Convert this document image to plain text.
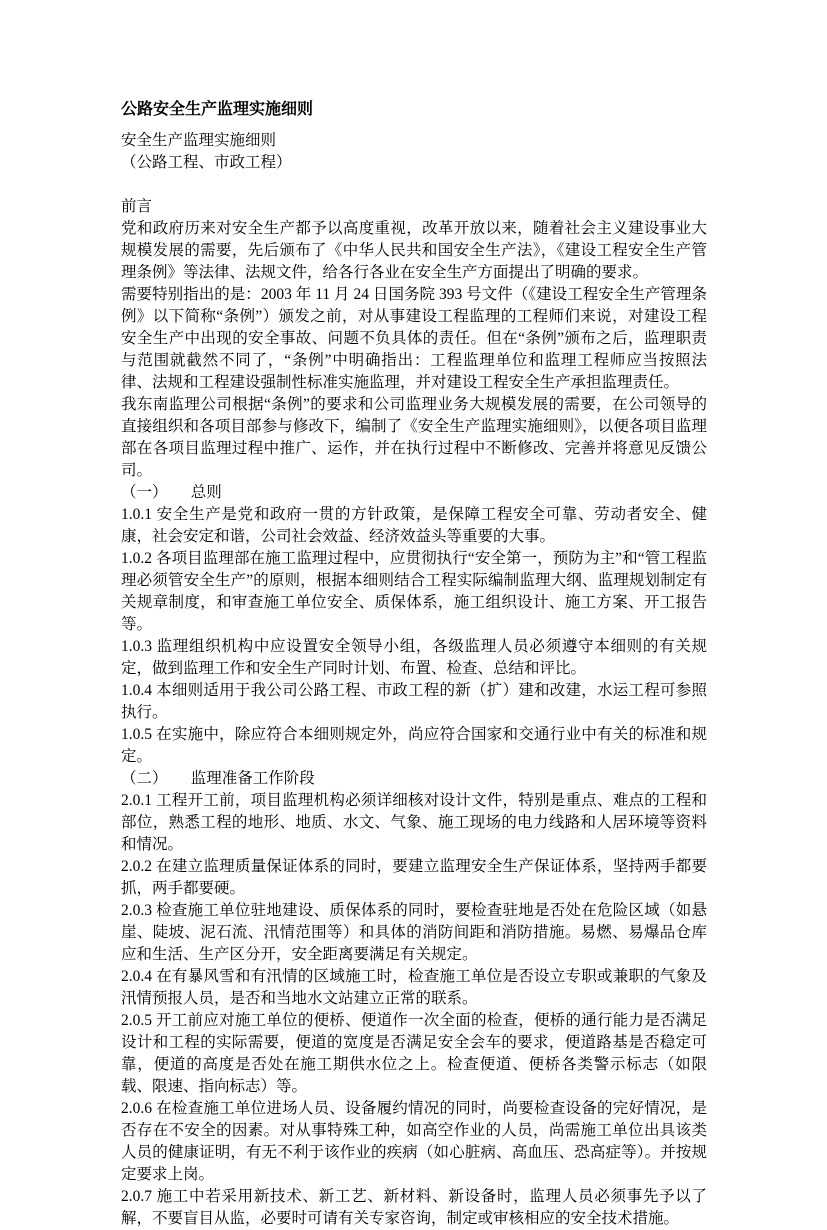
公路安全生产监理实施细则

安全生产监理实施细则

（公路工程、市政工程）

前言

党和政府历来对安全生产都予以高度重视，改革开放以来，随着社会主义建设事业大规模发展的需要，先后颁布了《中华人民共和国安全生产法》，《建设工程安全生产管理条例》等法律、法规文件，给各行各业在安全生产方面提出了明确的要求。

需要特别指出的是：2003 年 11 月 24 日国务院 393 号文件（《建设工程安全生产管理条例》以下简称“条例”）颁发之前，对从事建设工程监理的工程师们来说，对建设工程安全生产中出现的安全事故、问题不负具体的责任。但在“条例”颁布之后，监理职责与范围就截然不同了，“条例”中明确指出：工程监理单位和监理工程师应当按照法律、法规和工程建设强制性标准实施监理，并对建设工程安全生产承担监理责任。

我东南监理公司根据“条例”的要求和公司监理业务大规模发展的需要，在公司领导的直接组织和各项目部参与修改下，编制了《安全生产监理实施细则》，以便各项目监理部在各项目监理过程中推广、运作，并在执行过程中不断修改、完善并将意见反馈公司。

（一）　　总则

1.0.1 安全生产是党和政府一贯的方针政策，是保障工程安全可靠、劳动者安全、健康，社会安定和谐，公司社会效益、经济效益头等重要的大事。

1.0.2 各项目监理部在施工监理过程中，应贯彻执行“安全第一，预防为主”和“管工程监理必须管安全生产”的原则，根据本细则结合工程实际编制监理大纲、监理规划制定有关规章制度，和审查施工单位安全、质保体系，施工组织设计、施工方案、开工报告等。

1.0.3 监理组织机构中应设置安全领导小组，各级监理人员必须遵守本细则的有关规定，做到监理工作和安全生产同时计划、布置、检查、总结和评比。

1.0.4 本细则适用于我公司公路工程、市政工程的新（扩）建和改建，水运工程可参照执行。

1.0.5 在实施中，除应符合本细则规定外，尚应符合国家和交通行业中有关的标准和规定。

（二）　　监理准备工作阶段

2.0.1 工程开工前，项目监理机构必须详细核对设计文件，特别是重点、难点的工程和部位，熟悉工程的地形、地质、水文、气象、施工现场的电力线路和人居环境等资料和情况。

2.0.2 在建立监理质量保证体系的同时，要建立监理安全生产保证体系，坚持两手都要抓，两手都要硬。

2.0.3 检查施工单位驻地建设、质保体系的同时，要检查驻地是否处在危险区域（如悬崖、陡坡、泥石流、汛情范围等）和具体的消防间距和消防措施。易燃、易爆品仓库应和生活、生产区分开，安全距离要满足有关规定。

2.0.4 在有暴风雪和有汛情的区域施工时，检查施工单位是否设立专职或兼职的气象及汛情预报人员，是否和当地水文站建立正常的联系。

2.0.5 开工前应对施工单位的便桥、便道作一次全面的检查，便桥的通行能力是否满足设计和工程的实际需要，便道的宽度是否满足安全会车的要求，便道路基是否稳定可靠，便道的高度是否处在施工期供水位之上。检查便道、便桥各类警示标志（如限载、限速、指向标志）等。

2.0.6 在检查施工单位进场人员、设备履约情况的同时，尚要检查设备的完好情况，是否存在不安全的因素。对从事特殊工种，如高空作业的人员，尚需施工单位出具该类人员的健康证明，有无不利于该作业的疾病（如心脏病、高血压、恐高症等）。并按规定要求上岗。

2.0.7 施工中若采用新技术、新工艺、新材料、新设备时，监理人员必须事先予以了解，不要盲目从监，必要时可请有关专家咨询，制定或审核相应的安全技术措施。
